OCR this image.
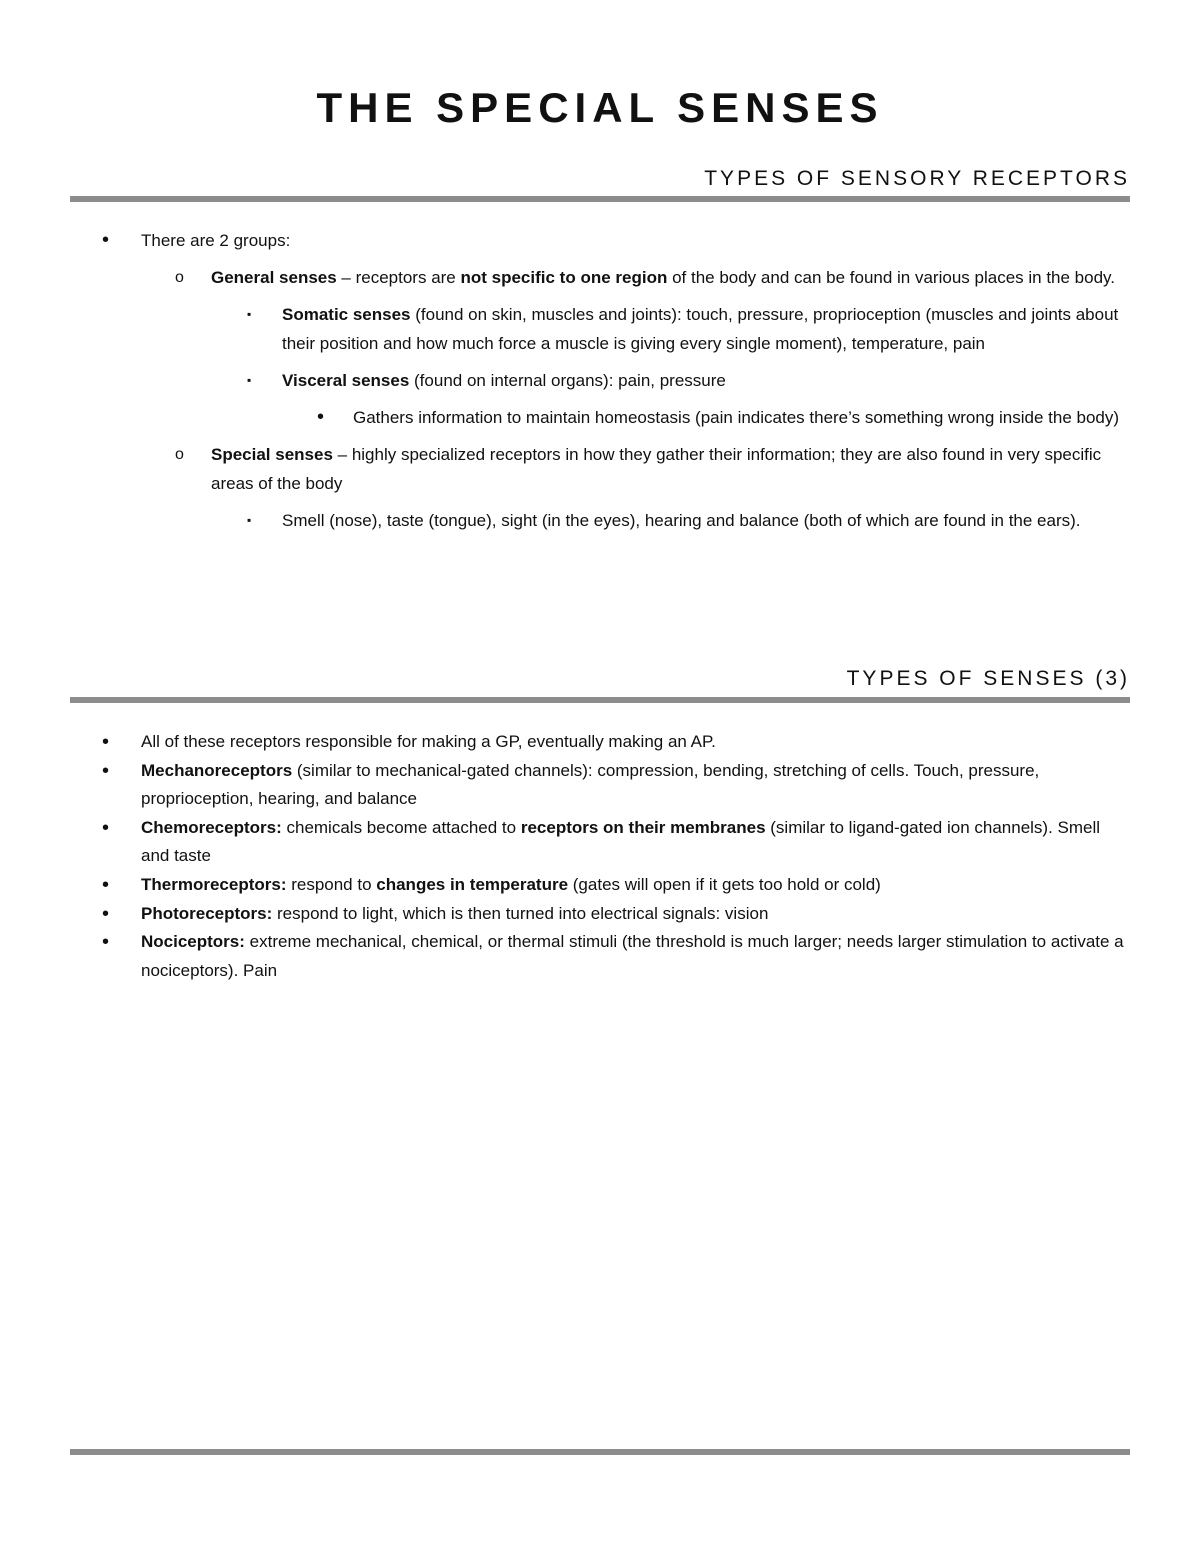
THE SPECIAL SENSES
TYPES OF SENSORY RECEPTORS
• There are 2 groups:
o General senses – receptors are not specific to one region of the body and can be found in various places in the body.
▪ Somatic senses (found on skin, muscles and joints): touch, pressure, proprioception (muscles and joints about their position and how much force a muscle is giving every single moment), temperature, pain
▪ Visceral senses (found on internal organs): pain, pressure
• Gathers information to maintain homeostasis (pain indicates there’s something wrong inside the body)
o Special senses – highly specialized receptors in how they gather their information; they are also found in very specific areas of the body
▪ Smell (nose), taste (tongue), sight (in the eyes), hearing and balance (both of which are found in the ears).
TYPES OF SENSES (3)
• All of these receptors responsible for making a GP, eventually making an AP.
• Mechanoreceptors (similar to mechanical-gated channels): compression, bending, stretching of cells. Touch, pressure, proprioception, hearing, and balance
• Chemoreceptors: chemicals become attached to receptors on their membranes (similar to ligand-gated ion channels). Smell and taste
• Thermoreceptors: respond to changes in temperature (gates will open if it gets too hold or cold)
• Photoreceptors: respond to light, which is then turned into electrical signals: vision
• Nociceptors: extreme mechanical, chemical, or thermal stimuli (the threshold is much larger; needs larger stimulation to activate a nociceptors). Pain
